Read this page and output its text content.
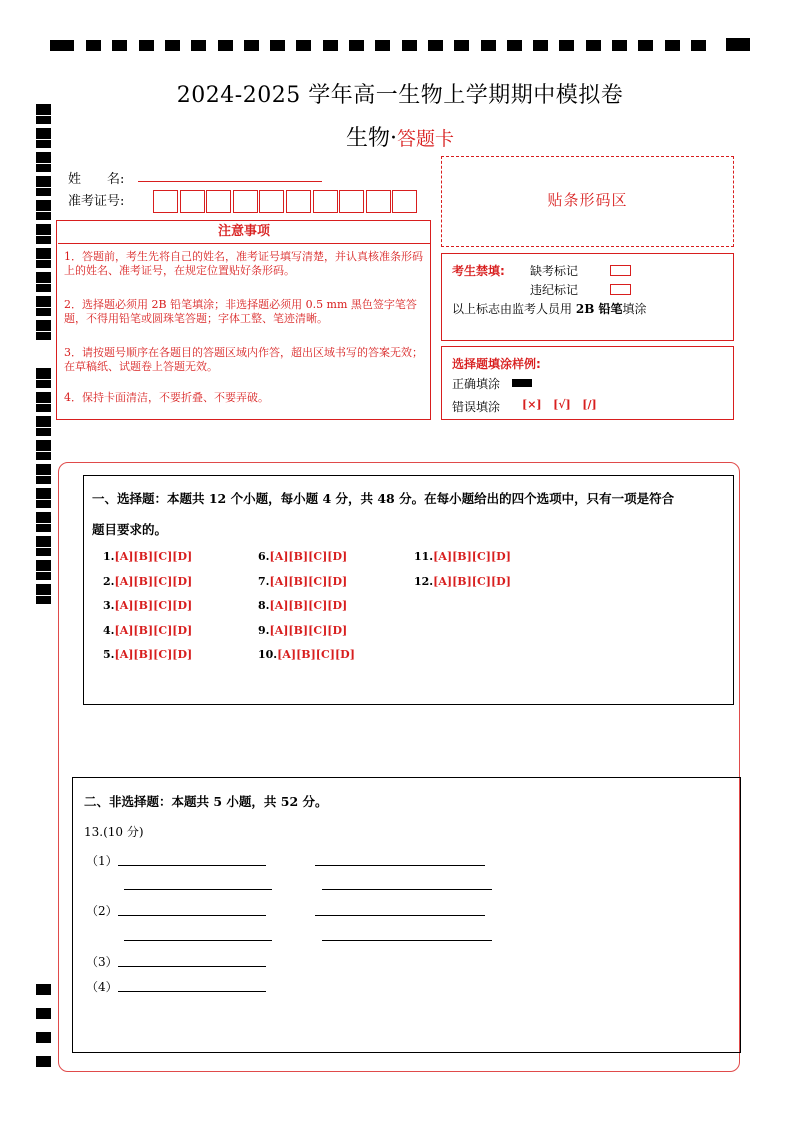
2024-2025 学年高一生物上学期期中模拟卷
生物·答题卡
姓　　名:
准考证号:	贴条形码区
注意事项
1．答题前，考生先将自己的姓名，准考证号填写清楚，并认真核准条形码上的姓名、准考证号，在规定位置贴好条形码。
2．选择题必须用 2B 铅笔填涂；非选择题必须用 0.5 mm 黑色签字笔答题，不得用铅笔或圆珠笔答题；字体工整、笔迹清晰。
3．请按题号顺序在各题目的答题区域内作答，超出区域书写的答案无效；在草稿纸、试题卷上答题无效。
4．保持卡面清洁，不要折叠、不要弄破。
考生禁填: 缺考标记
违纪标记
以上标志由监考人员用 2B 铅笔填涂
选择题填涂样例:
正确填涂
错误填涂 [×]   [√]   [/]
一、选择题：本题共 12 个小题，每小题 4 分，共 48 分。在每小题给出的四个选项中，只有一项是符合
题目要求的。
1.[A][B][C][D]
2.[A][B][C][D]
3.[A][B][C][D]
4.[A][B][C][D]
5.[A][B][C][D]
6.[A][B][C][D]
7.[A][B][C][D]
8.[A][B][C][D]
9.[A][B][C][D]
10.[A][B][C][D]
11.[A][B][C][D]
12.[A][B][C][D]
二、非选择题：本题共 5 小题，共 52 分。
13.(10 分)
（1）
（2）
（3）
（4）
